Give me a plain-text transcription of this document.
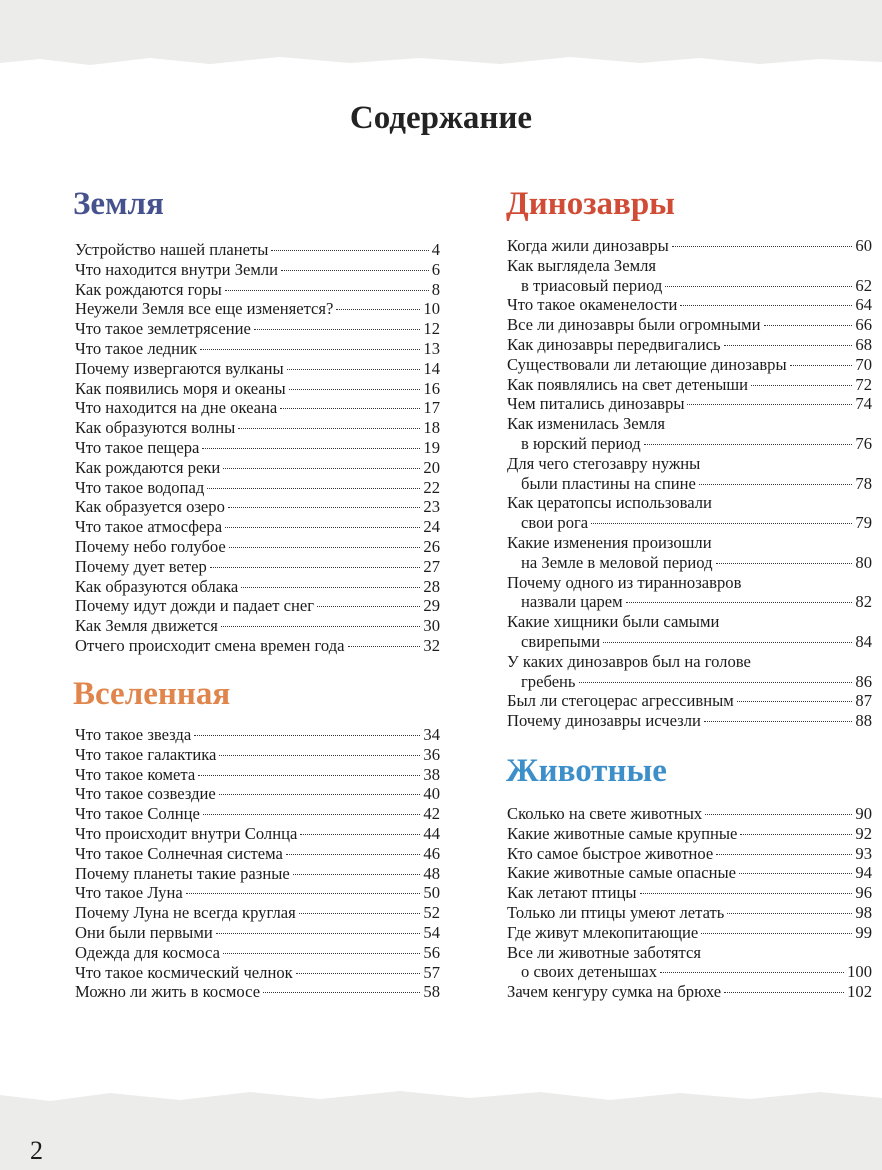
Содержание
Земля
Устройство нашей планеты	4
Что находится внутри Земли	6
Как рождаются горы	8
Неужели Земля все еще изменяется?	10
Что такое землетрясение	12
Что такое ледник	13
Почему извергаются вулканы	14
Как появились моря и океаны	16
Что находится на дне океана	17
Как образуются волны	18
Что такое пещера	19
Как рождаются реки	20
Что такое водопад	22
Как образуется озеро	23
Что такое атмосфера	24
Почему небо голубое	26
Почему дует ветер	27
Как образуются облака	28
Почему идут дожди и падает снег	29
Как Земля движется	30
Отчего происходит смена времен года	32
Вселенная
Что такое звезда	34
Что такое галактика	36
Что такое комета	38
Что такое созвездие	40
Что такое Солнце	42
Что происходит внутри Солнца	44
Что такое Солнечная система	46
Почему планеты такие разные	48
Что такое Луна	50
Почему Луна не всегда круглая	52
Они были первыми	54
Одежда для космоса	56
Что такое космический челнок	57
Можно ли жить в космосе	58
Динозавры
Когда жили динозавры	60
Как выглядела Земля
в триасовый период	62
Что такое окаменелости	64
Все ли динозавры были огромными	66
Как динозавры передвигались	68
Существовали ли летающие динозавры	70
Как появлялись на свет детеныши	72
Чем питались динозавры	74
Как изменилась Земля
в юрский период	76
Для чего стегозавру нужны
были пластины на спине	78
Как цератопсы использовали
свои рога	79
Какие изменения произошли
на Земле в меловой период	80
Почему одного из тираннозавров
назвали царем	82
Какие хищники были самыми
свирепыми	84
У каких динозавров был на голове
гребень	86
Был ли стегоцерас агрессивным	87
Почему динозавры исчезли	88
Животные
Сколько на свете животных	90
Какие животные самые крупные	92
Кто самое быстрое животное	93
Какие животные самые опасные	94
Как летают птицы	96
Только ли птицы умеют летать	98
Где живут млекопитающие	99
Все ли животные заботятся
о своих детенышах	100
Зачем кенгуру сумка на брюхе	102
2
